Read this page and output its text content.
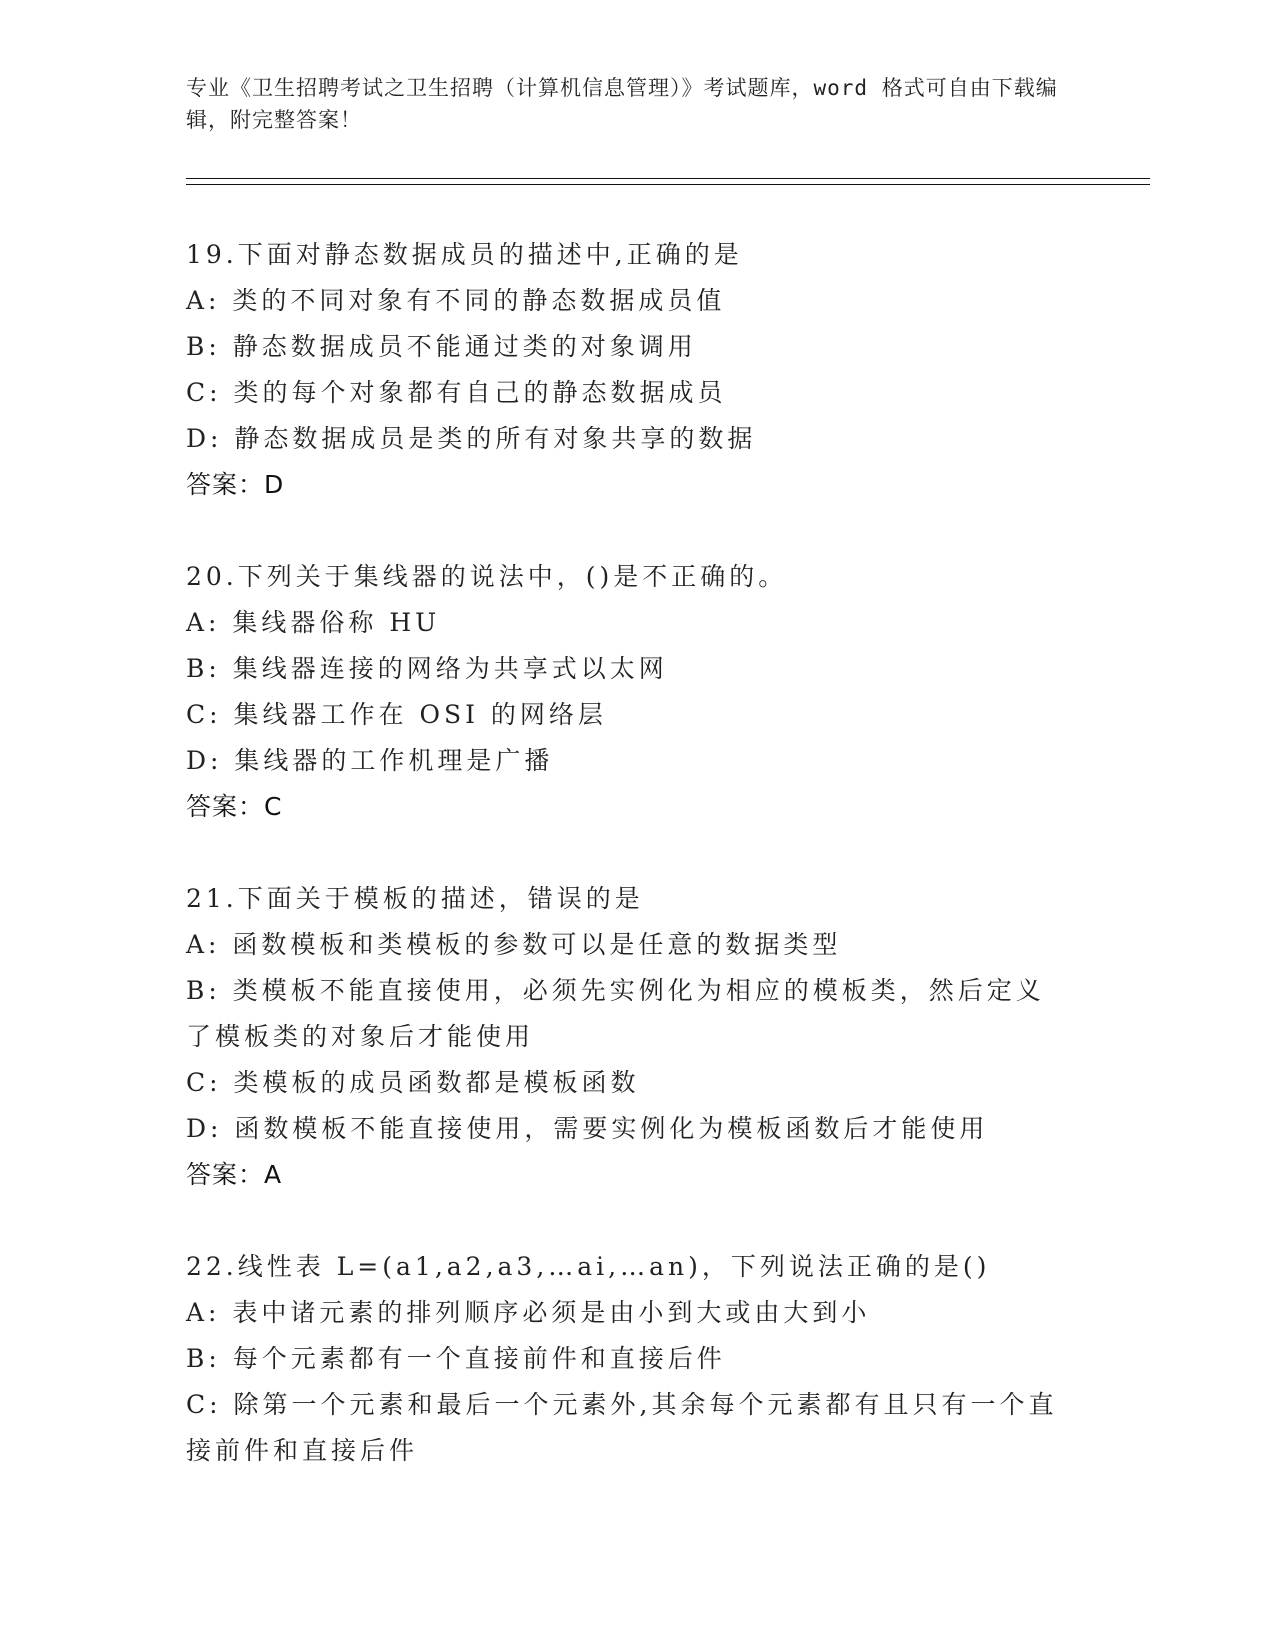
专业《卫生招聘考试之卫生招聘（计算机信息管理）》考试题库，word 格式可自由下载编辑，附完整答案！
19.下面对静态数据成员的描述中,正确的是
A: 类的不同对象有不同的静态数据成员值
B: 静态数据成员不能通过类的对象调用
C: 类的每个对象都有自己的静态数据成员
D: 静态数据成员是类的所有对象共享的数据
答案：D
20.下列关于集线器的说法中，()是不正确的。
A: 集线器俗称 HU
B: 集线器连接的网络为共享式以太网
C: 集线器工作在 OSI 的网络层
D: 集线器的工作机理是广播
答案：C
21.下面关于模板的描述，错误的是
A: 函数模板和类模板的参数可以是任意的数据类型
B: 类模板不能直接使用，必须先实例化为相应的模板类，然后定义了模板类的对象后才能使用
C: 类模板的成员函数都是模板函数
D: 函数模板不能直接使用，需要实例化为模板函数后才能使用
答案：A
22.线性表 L=(a1,a2,a3,…ai,…an)，下列说法正确的是()
A: 表中诸元素的排列顺序必须是由小到大或由大到小
B: 每个元素都有一个直接前件和直接后件
C: 除第一个元素和最后一个元素外,其余每个元素都有且只有一个直接前件和直接后件
